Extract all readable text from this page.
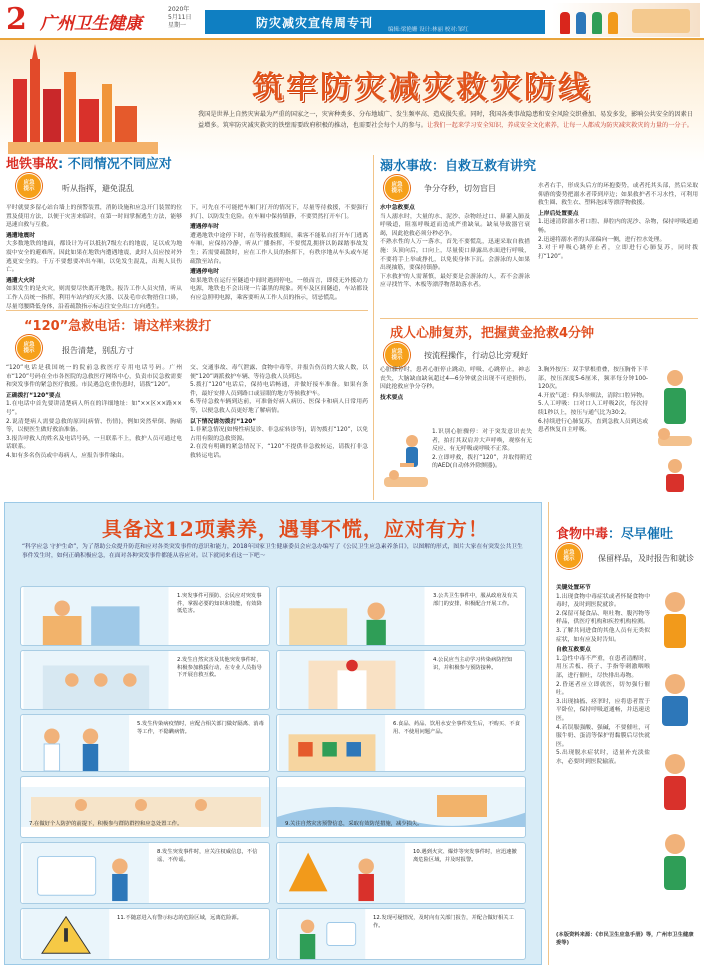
2 广州卫生健康
2020年
5月11日
星期一	防灾减灾宣传周专刊	编辑:梁艳姗 设计:林丽 校对:邹红
筑牢防灾减灾救灾防线
我国是世界上自然灾害最为严重的国家之一，灾害种类多、分布地域广、发生频率高、造成损失重。同时，我国各类事故隐患和安全风险交织叠加、易发多发，影响公共安全的因素日益增多。筑牢防灾减灾救灾的铁壁需要政府积极的推动，也需要社会每个人的参与。让我们一起来学习安全知识，养成安全文化素养，让每一人都成为防灾减灾救灾的力量的一分子。
地铁事故: 不同情况不同应对
应急
提示	听从指挥，避免混乱

平时就要多留心站台墙上的预警装置，消防设施和应急开门装置的位置及使用方法，以便于灾害来临时，在第一时间掌握逃生方法，能够迅速自救与互救。

遇遭地震时

大多数地铁的地面，都设计为可以抵抗7级左右的地震，足以成为地震中安全的避难所。因此如果在地铁内遭遇地震，此时人员应按对外逃更安全的。千万不要想要冲出车厢，以免发生混乱，出现人员伤亡。

遇遭大火时

如果发生的是火灾，则需要尽快离开地铁。报告工作人员灾情，听从工作人员统一指挥，利用车站内的灭火器、以及毛巾衣物捂住口鼻，尽量弯腰降低身体，沿着疏散指示标志往安全出口方向逃生。

下，可先在不可能把车厢门打开的情况下，尽量等待救援，不要强行扒门、以防发生危险。在车厢中保持镇静，不要贸然打开车门。

遭遇停车时

遭遇地铁中途停下时，在等待救援期间，乘客不能私自打开车门逃离车厢，应保持冷静，听从广播指挥，不要慌乱拥挤以防踩踏事故发生；若需要疏散时，应在工作人员的指挥下，有秩序地从车头或车尾疏散至站台。

遭遇停电时

如果地铁在运行至隧道中间时遇到停电，一般而言，即使无外援动力电源，地铁也不会出现一片漆黑的现象。列车及区间隧道，车站都设有应急照明电源，乘客要听从工作人员的指示，切忌慌乱。

“120”急救电话：请这样来拨打
应急
提示	报告清楚，别乱方寸

“120”电话是我国统一的院前急救医疗专用电话号码。广州市“120”号码在全市各医院的急救医疗网络中心，负责市民急救需要和突发事件的紧急医疗救援。市民遇急危重伤患时，请拨“120”。

正确拨打“120”要点

1.在电话中首先要讲清楚病人所在的详细地址：如“××区××路××号”。

2.说清楚病人需要急救的原因(病情、伤情)，例如突然晕倒、胸痛等，以便医生做好救治准备。

3.报告呼救人的姓名及电话号码，一旦联系不上，救护人员可通过电话联系。

4.如有多名伤员或中毒病人，应报告事件缘由。

交、交通事故、毒气泄露、食物中毒等，并报告伤员的大致人数，以便“120”调派救护车辆、等待急救人员到达。

5.拨打“120”电话后，保持电话畅通，并做好接车准备。如果有条件，最好安排人员到路口或显眼的地方等候救护车。

6.等待急救车辆到达前，可准备好病人病历、医保卡和病人日常用药等，以便急救人员更好地了解病情。

以下情况请勿拨打“120”

1.非紧急情况(如慢性病复诊、非急症转诊等)，请勿拨打“120”，以免占用有限的急救资源。

2.在没有明确的紧急情况下，“120”不提供非急救转运，请拨打非急救转运电话。

溺水事故：自救互救有讲究
应急
提示	争分夺秒，切勿盲目

水中急救要点

当人溺水时，大量的水、泥沙、杂物经过口、鼻灌入肺及呼吸道，阻塞呼吸道而造成严重缺氧。缺氧导致器官衰竭，因此抢救必须分秒必争。

不熟水性的人万一落水，首先不要慌乱，迅速采取自救措施：头顶向后，口向上，尽量使口鼻露出水面进行呼吸，不要将手上举或挣扎，以免使身体下沉。会游泳的人如果出现抽筋，要保持镇静。

下水救护的人需谨慎，最好要是会游泳的人，若不会游泳应寻找竹竿、木板等漂浮物帮助落水者。

水者右手，形成头后方的环抱姿势，或者托其头部，然后采取仰游的姿势把溺水者带到岸边；如果救护者不习水性，可利用救生圈、救生衣、塑料泡沫等漂浮物救援。

上岸后处置要点

1.迅速清除溺水者口腔、鼻腔内的泥沙、杂物，保持呼吸道通畅。

2.迅速将溺水者的头部偏向一侧，进行控水处理。

3.对于呼吸心跳停止者，立即进行心肺复苏，同时拨打“120”。

成人心肺复苏，把握黄金抢救4分钟
应急
提示	按流程操作，行动总比旁观好

心脏骤停时，患者心脏停止跳动，呼吸、心跳停止，神志丧失，大脑缺血缺氧超过4—6分钟就会出现不可逆损伤，因此抢救应争分夺秒。

技术要点

1.识别心脏骤停：对于突发意识丧失者，拍打其双肩并大声呼唤，观察有无反应、有无呼吸或呼吸不正常。

2.立即呼救，拨打“120”，并取得附近的AED(自动体外除颤器)。

3.胸外按压：双手掌根重叠，按压胸骨下半部，按压深度5-6厘米，频率每分钟100-120次。

4.开放气道：仰头举颏法，清除口腔异物。

5.人工呼吸：口对口人工呼吸2次，每次持续1秒以上，按压与通气比为30:2。

6.持续进行心肺复苏，直到急救人员到达或患者恢复自主呼吸。

具备这12项素养，遇事不慌，应对有方！
“科学应急 守护生命”，为了帮助公众提升防范和应对各类突发事件的意识和能力，2018年国家卫生健康委员会应急办编写了《公民卫生应急素养条目》，以图解的形式，图片大家在有突发公共卫生事件发生时，如何正确积极应急，在面对各种突发事件都能从容应对。以下就同来看这一下吧～
1.突发事件可预防、公民应对突发事件，掌握必要的知识和技能，有效降低危害。
3.公共卫生事件中，服从政府及有关部门的安排，积极配合开展工作。
2.发生自然灾害及其他突发事件时，积极参加救援行动，在专业人员指导下开展自救互救。
4.公民应当主动学习传染病防控知识，并积极参与预防接种。
5.发生传染病疫情时，应配合相关部门做好隔离、消毒等工作，不隐瞒病情。
6.食品、药品、饮用水安全事件发生后，不购买、不食用、不使用问题产品。
7.在做好个人防护的前提下，积极参与群防群控和应急处置工作。	9.关注自然灾害预警信息，采取有效防范措施，减少损失。
8.发生突发事件时，应关注权威信息，不信谣、不传谣。
10.遇到火灾、爆炸等突发事件时，应迅速撤离危险区域，并及时报警。
11.不随意进入有警示标志的危险区域，远离危险源。	12.发现可疑情况，及时向有关部门报告，并配合做好相关工作。
食物中毒：尽早催吐
应急
提示	保留样品，及时报告和就诊

关键处置环节

1.出现食物中毒症状或者怀疑食物中毒时，及时到医院就诊。

2.保留可疑食品、呕吐物、腹泻物等样品，供医疗机构和疾控机构检测。

3.了解共同进食的其他人员有无类似症状，如有应及时告知。

自救互救要点

1.急性中毒不严重，在患者清醒时，用压舌板、筷子、手指等刺激咽喉部，进行催吐，尽快排出毒物。

2.昏迷者应立即就医，切勿强行催吐。

3.出现抽搐、痉挛时，应将患者置于平卧位，保持呼吸道通畅，并迅速送医。

4.若误服强酸、强碱，不要催吐，可服牛奶、蛋清等保护胃黏膜后尽快就医。

5.出现脱水症状时，适量补充淡盐水，必要时到医院输液。

(本版资料来源：《市民卫生应急手册》等，广州市卫生健康委等)
